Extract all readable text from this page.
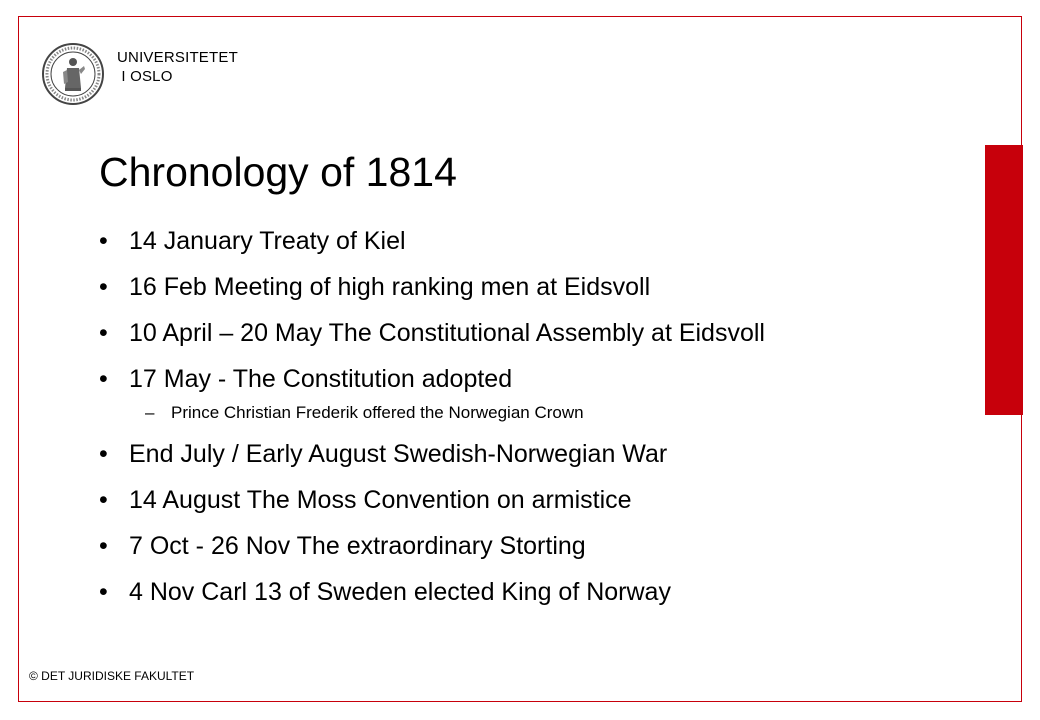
UNIVERSITETET
I OSLO
Chronology of 1814
• 14 January Treaty of Kiel
• 16 Feb Meeting of high ranking men at Eidsvoll
• 10 April – 20 May The Constitutional Assembly at Eidsvoll
• 17 May - The Constitution adopted
– Prince Christian Frederik offered the Norwegian Crown
• End July / Early August Swedish-Norwegian War
• 14 August The Moss Convention on armistice
• 7 Oct - 26 Nov The extraordinary Storting
• 4 Nov Carl 13 of Sweden elected King of Norway
© DET JURIDISKE FAKULTET
